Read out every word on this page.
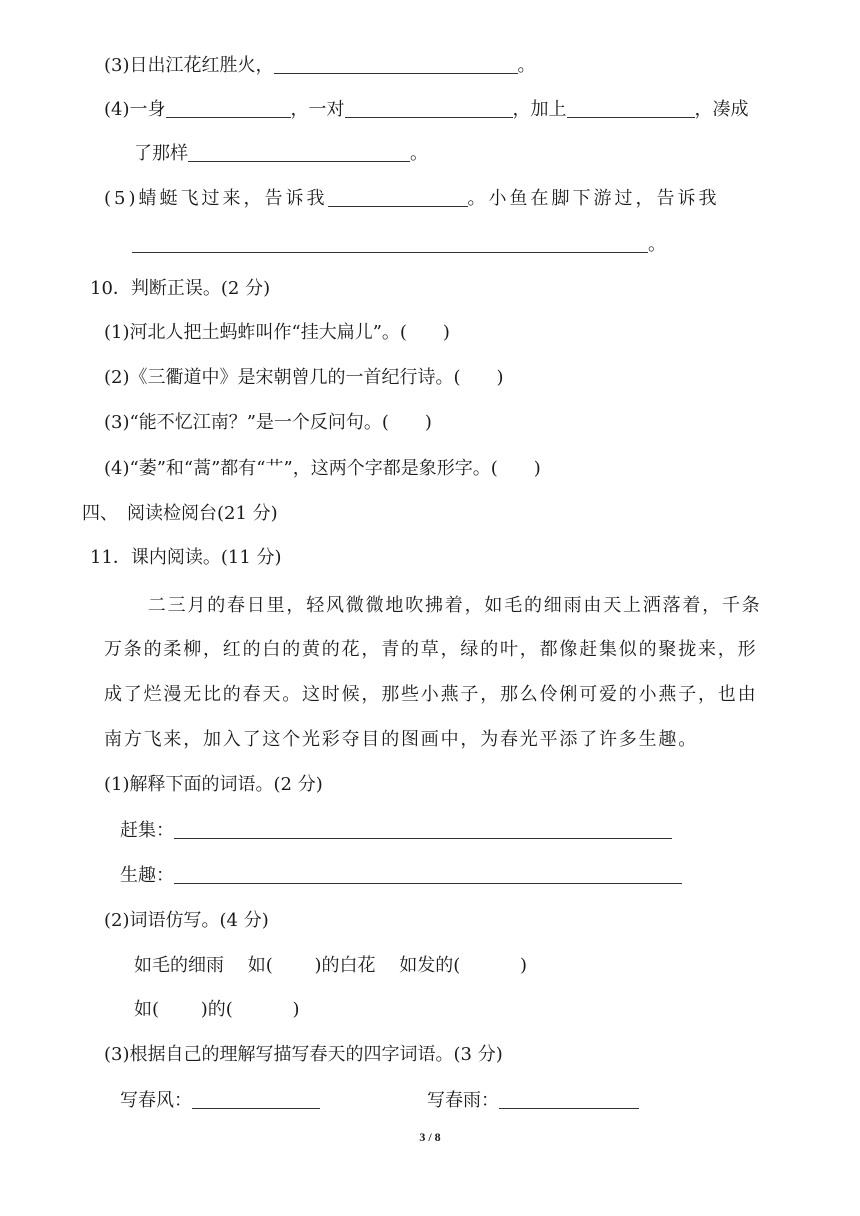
(3)日出江花红胜火，	。
(4)一身	，一对	，加上	，凑成
了那样	。
(5)蜻蜓飞过来，告诉我	。小鱼在脚下游过，告诉我
。
10．判断正误。(2 分)
(1)河北人把土蚂蚱叫作“挂大扁儿”。(　　)
(2)《三衢道中》是宋朝曾几的一首纪行诗。(　　)
(3)“能不忆江南？”是一个反问句。(　　)
(4)“萎”和“蒿”都有“艹”，这两个字都是象形字。(　　)
四、　阅读检阅台(21 分)
11．课内阅读。(11 分)
　二三月的春日里，轻风微微地吹拂着，如毛的细雨由天上洒落着，千条
万条的柔柳，红的白的黄的花，青的草，绿的叶，都像赶集似的聚拢来，形
成了烂漫无比的春天。这时候，那些小燕子，那么伶俐可爱的小燕子，也由
南方飞来，加入了这个光彩夺目的图画中，为春光平添了许多生趣。
(1)解释下面的词语。(2 分)
赶集：
生趣：
(2)词语仿写。(4 分)
如毛的细雨　 如(　　 )的白花　 如发的(　　　 )
如(　　 )的(　　　 )
(3)根据自己的理解写描写春天的四字词语。(3 分)
写春风：	写春雨：
3 / 8
